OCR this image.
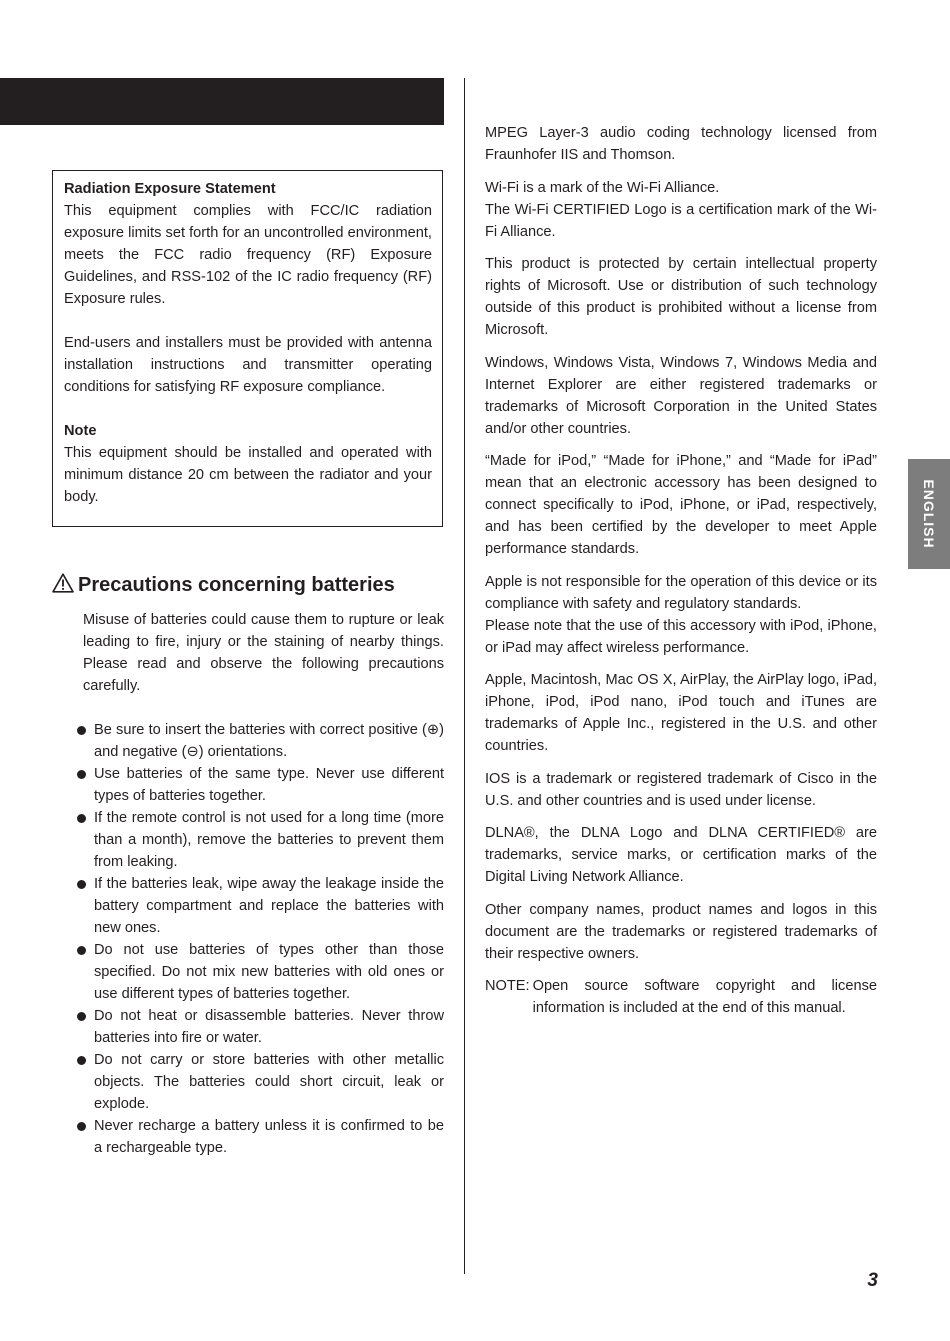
Radiation Exposure Statement

This equipment complies with FCC/IC radiation exposure limits set forth for an uncontrolled environment, meets the FCC radio frequency (RF) Exposure Guidelines, and RSS-102 of the IC radio frequency (RF) Exposure rules.

End-users and installers must be provided with antenna installation instructions and transmitter operating conditions for satisfying RF exposure compliance.

Note

This equipment should be installed and operated with minimum distance 20 cm between the radiator and your body.

Precautions concerning batteries
Misuse of batteries could cause them to rupture or leak leading to fire, injury or the staining of nearby things. Please read and observe the following precautions carefully.
Be sure to insert the batteries with correct positive (⊕) and negative (⊖) orientations.
Use batteries of the same type. Never use different types of batteries together.
If the remote control is not used for a long time (more than a month), remove the batteries to prevent them from leaking.
If the batteries leak, wipe away the leakage inside the battery compartment and replace the batteries with new ones.
Do not use batteries of types other than those specified. Do not mix new batteries with old ones or use different types of batteries together.
Do not heat or disassemble batteries. Never throw batteries into fire or water.
Do not carry or store batteries with other metallic objects. The batteries could short circuit, leak or explode.
Never recharge a battery unless it is confirmed to be a rechargeable type.

MPEG Layer-3 audio coding technology licensed from Fraunhofer IIS and Thomson.

Wi-Fi is a mark of the Wi-Fi Alliance.
The Wi-Fi CERTIFIED Logo is a certification mark of the Wi-Fi Alliance.

This product is protected by certain intellectual property rights of Microsoft. Use or distribution of such technology outside of this product is prohibited without a license from Microsoft.

Windows, Windows Vista, Windows 7, Windows Media and Internet Explorer are either registered trademarks or trademarks of Microsoft Corporation in the United States and/or other countries.

“Made for iPod,” “Made for iPhone,” and “Made for iPad” mean that an electronic accessory has been designed to connect specifically to iPod, iPhone, or iPad, respectively, and has been certified by the developer to meet Apple performance standards.

Apple is not responsible for the operation of this device or its compliance with safety and regulatory standards.
Please note that the use of this accessory with iPod, iPhone, or iPad may affect wireless performance.

Apple, Macintosh, Mac OS X, AirPlay, the AirPlay logo, iPad, iPhone, iPod, iPod nano, iPod touch and iTunes are trademarks of Apple Inc., registered in the U.S. and other countries.

IOS is a trademark or registered trademark of Cisco in the U.S. and other countries and is used under license.

DLNA®, the DLNA Logo and DLNA CERTIFIED® are trademarks, service marks, or certification marks of the Digital Living Network Alliance.

Other company names, product names and logos in this document are the trademarks or registered trademarks of their respective owners.

NOTE: Open source software copyright and license information is included at the end of this manual.
ENGLISH
3
